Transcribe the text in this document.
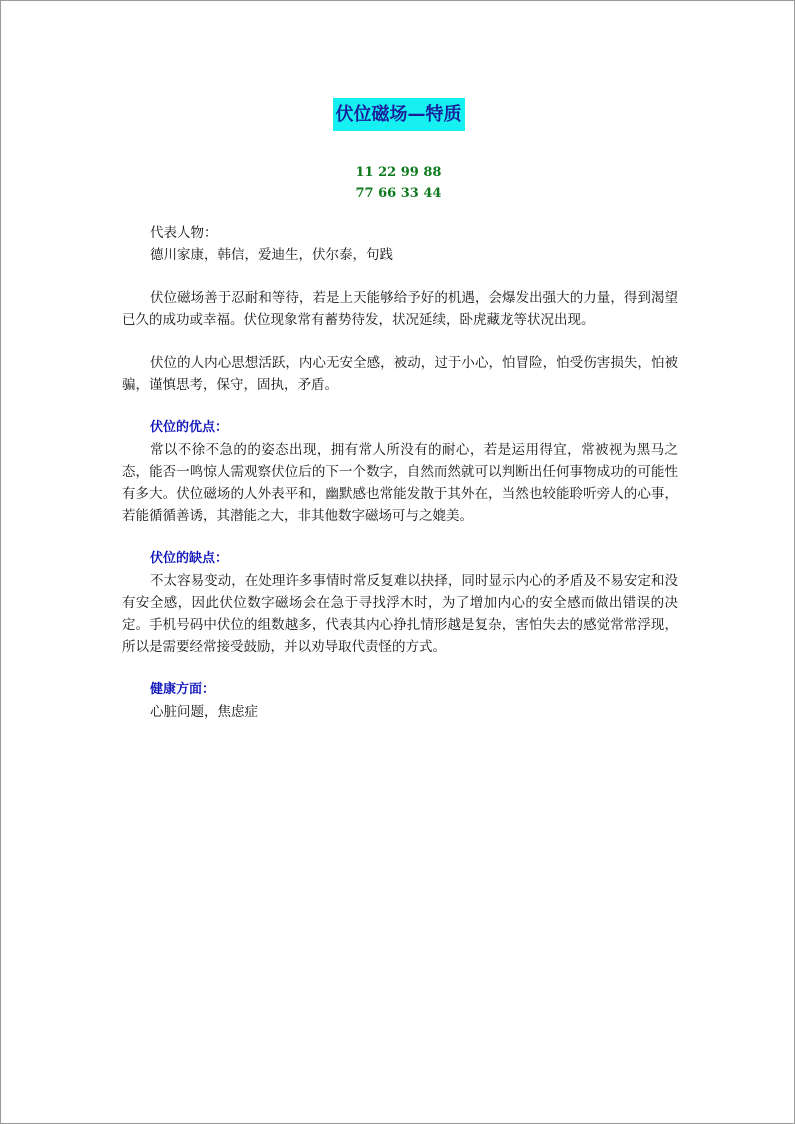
伏位磁场—特质
11 22 99 88
77 66 33 44

代表人物：

德川家康，韩信，爱迪生，伏尔泰，句践

伏位磁场善于忍耐和等待，若是上天能够给予好的机遇，会爆发出强大的力量，得到渴望已久的成功或幸福。伏位现象常有蓄势待发，状况延续，卧虎藏龙等状况出现。

伏位的人内心思想活跃，内心无安全感，被动，过于小心，怕冒险，怕受伤害损失，怕被骗，谨慎思考，保守，固执，矛盾。

伏位的优点：

常以不徐不急的的姿态出现，拥有常人所没有的耐心，若是运用得宜，常被视为黑马之态，能否一鸣惊人需观察伏位后的下一个数字，自然而然就可以判断出任何事物成功的可能性有多大。伏位磁场的人外表平和，幽默感也常能发散于其外在，当然也较能聆听旁人的心事，若能循循善诱，其潜能之大，非其他数字磁场可与之媲美。

伏位的缺点：

不太容易变动，在处理许多事情时常反复难以抉择，同时显示内心的矛盾及不易安定和没有安全感，因此伏位数字磁场会在急于寻找浮木时，为了增加内心的安全感而做出错误的决定。手机号码中伏位的组数越多，代表其内心挣扎情形越是复杂，害怕失去的感觉常常浮现，所以是需要经常接受鼓励，并以劝导取代责怪的方式。

健康方面：

心脏问题，焦虑症
